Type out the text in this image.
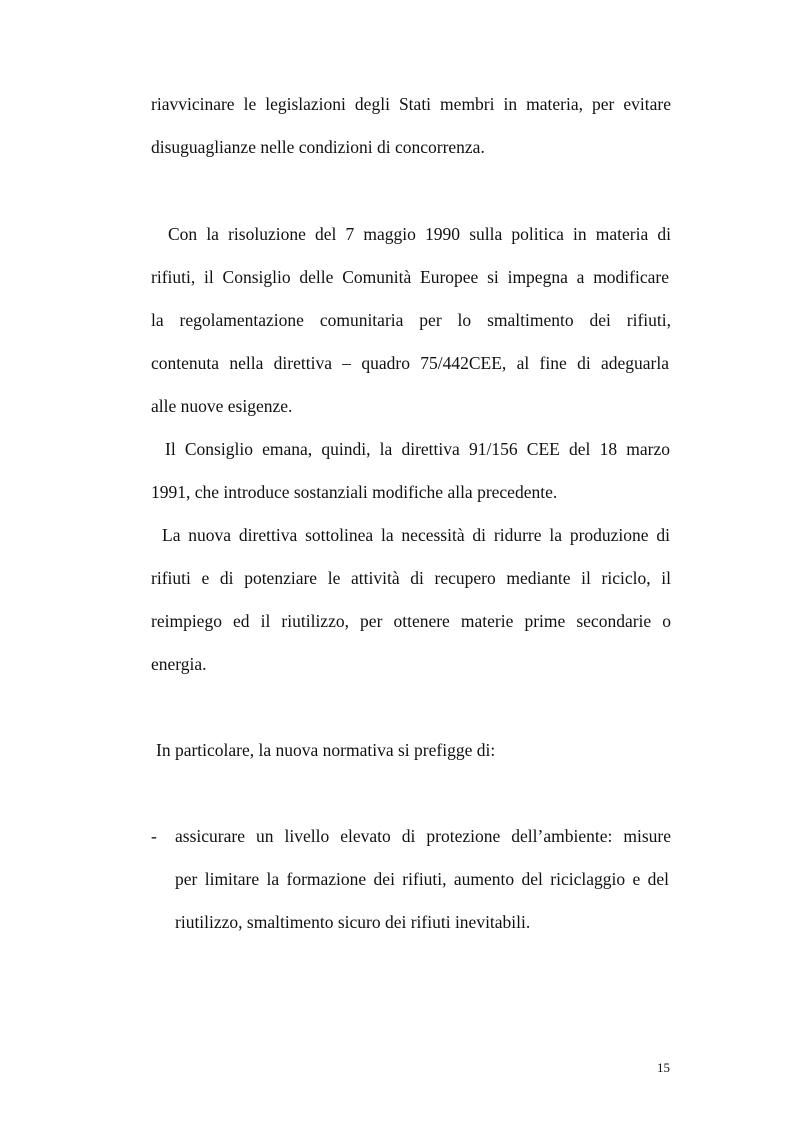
riavvicinare le legislazioni degli Stati membri in materia, per evitare
disuguaglianze nelle condizioni di concorrenza.
Con la risoluzione del 7 maggio 1990 sulla politica in materia di
rifiuti, il Consiglio delle Comunità Europee si impegna a modificare
la regolamentazione comunitaria per lo smaltimento dei rifiuti,
contenuta nella direttiva – quadro 75/442CEE, al fine di adeguarla
alle nuove esigenze.
Il Consiglio emana, quindi, la direttiva 91/156 CEE del 18 marzo
1991, che introduce sostanziali modifiche alla precedente.
La nuova direttiva sottolinea la necessità di ridurre la produzione di
rifiuti e di potenziare le attività di recupero mediante il riciclo, il
reimpiego ed il riutilizzo, per ottenere materie prime secondarie o
energia.
In particolare, la nuova normativa si prefigge di:
- assicurare un livello elevato di protezione dell’ambiente: misure
per limitare la formazione dei rifiuti, aumento del riciclaggio e del
riutilizzo, smaltimento sicuro dei rifiuti inevitabili.
15
